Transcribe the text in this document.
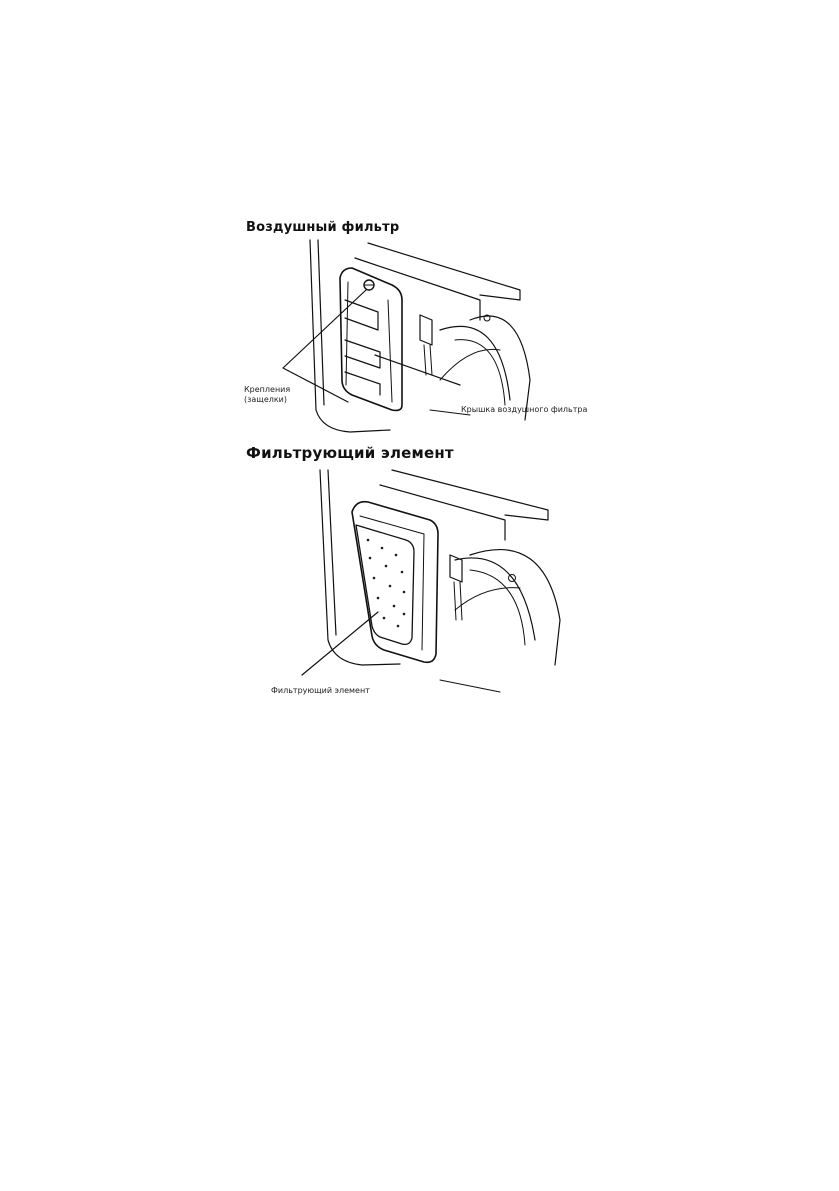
Воздушный фильтр
Крепления
(защелки)
Крышка воздушного фильтра
Фильтрующий элемент
Фильтрующий элемент
